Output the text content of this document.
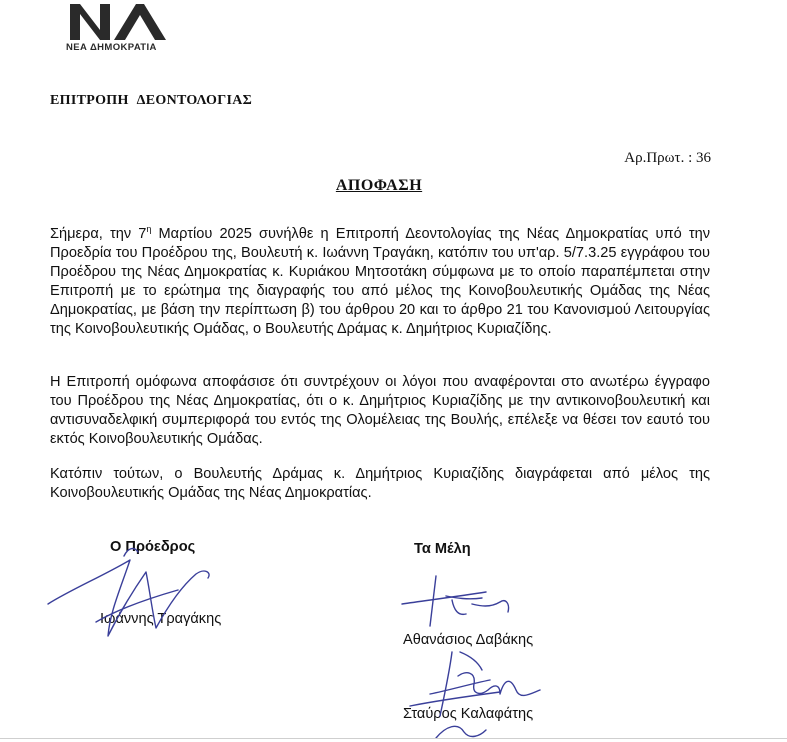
ΝΕΑ ΔΗΜΟΚΡΑΤΙΑ
ΕΠΙΤΡΟΠΗ ΔΕΟΝΤΟΛΟΓΙΑΣ
Αρ.Πρωτ. : 36
ΑΠΟΦΑΣΗ

Σήμερα, την $7^\eta$ Μαρτίου 2025 συνήλθε η Επιτροπή Δεοντολογίας της Νέας Δημοκρατίας υπό την Προεδρία του Προέδρου της, Βουλευτή κ. Ιωάννη Τραγάκη, κατόπιν του υπ'αρ. 5/7.3.25 εγγράφου του Προέδρου της Νέας Δημοκρατίας κ. Κυριάκου Μητσοτάκη σύμφωνα με το οποίο παραπέμπεται στην Επιτροπή με το ερώτημα της διαγραφής του από μέλος της Κοινοβουλευτικής Ομάδας της Νέας Δημοκρατίας, με βάση την περίπτωση β) του άρθρου 20 και το άρθρο 21 του Κανονισμού Λειτουργίας της Κοινοβουλευτικής Ομάδας, ο Βουλευτής Δράμας κ. Δημήτριος Κυριαζίδης.

Η Επιτροπή ομόφωνα αποφάσισε ότι συντρέχουν οι λόγοι που αναφέρονται στο ανωτέρω έγγραφο του Προέδρου της Νέας Δημοκρατίας, ότι ο κ. Δημήτριος Κυριαζίδης με την αντικοινοβουλευτική και αντισυναδελφική συμπεριφορά του εντός της Ολομέλειας της Βουλής, επέλεξε να θέσει τον εαυτό του εκτός Κοινοβουλευτικής Ομάδας.

Κατόπιν τούτων, ο Βουλευτής Δράμας κ. Δημήτριος Κυριαζίδης διαγράφεται από μέλος της Κοινοβουλευτικής Ομάδας της Νέας Δημοκρατίας.

Ο Πρόεδρος	Τα Μέλη
Ιωάννης Τραγάκης
Αθανάσιος Δαβάκης
Σταύρος Καλαφάτης
